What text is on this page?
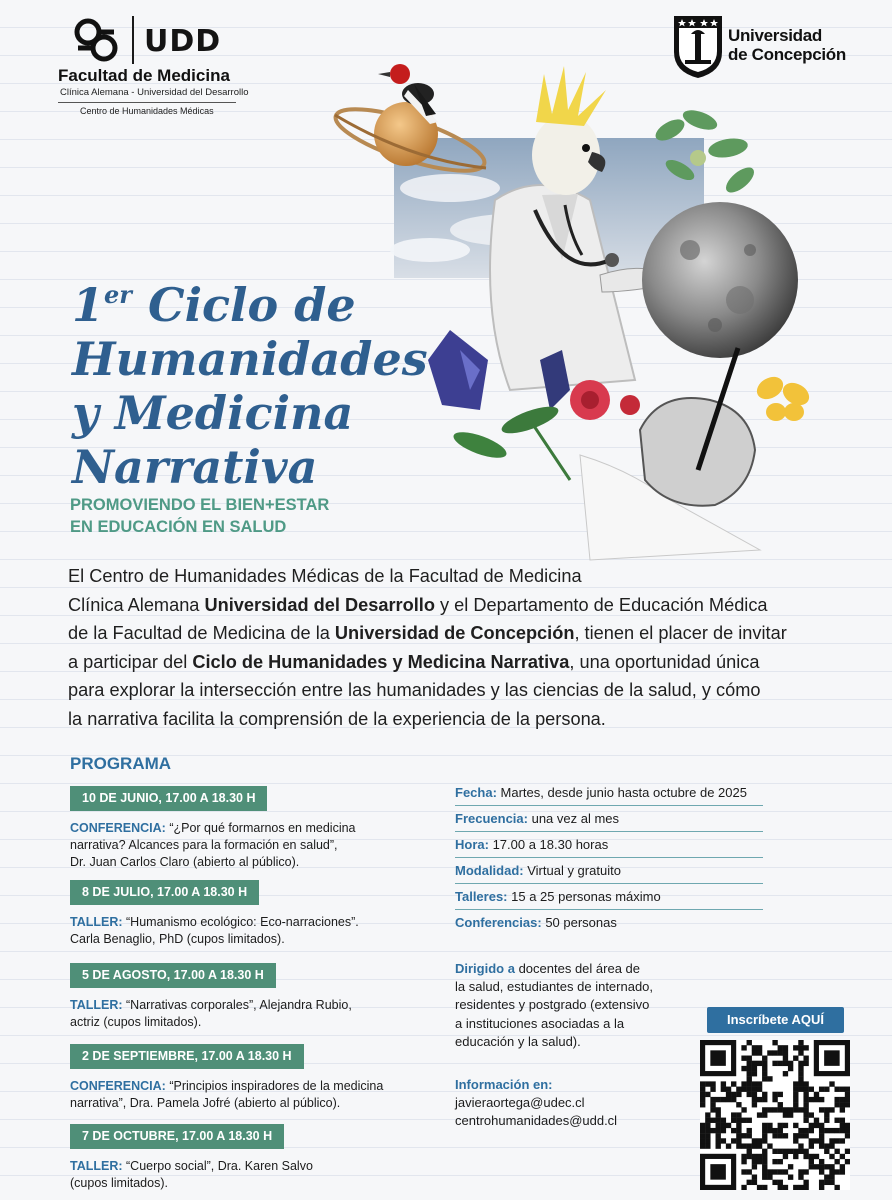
UDD
Facultad de Medicina
Clínica Alemana - Universidad del Desarrollo
Centro de Humanidades Médicas
Universidad
de Concepción
1er Ciclo de
Humanidades
y Medicina
Narrativa
PROMOVIENDO EL BIEN+ESTAR
EN EDUCACIÓN EN SALUD
El Centro de Humanidades Médicas de la Facultad de Medicina
Clínica Alemana Universidad del Desarrollo y el Departamento de Educación Médica
de la Facultad de Medicina de la Universidad de Concepción, tienen el placer de invitar
a participar del Ciclo de Humanidades y Medicina Narrativa, una oportunidad única
para explorar la intersección entre las humanidades y las ciencias de la salud, y cómo
la narrativa facilita la comprensión de la experiencia de la persona.
PROGRAMA
10 DE JUNIO, 17.00 A 18.30 H
CONFERENCIA: “¿Por qué formarnos en medicina
narrativa? Alcances para la formación en salud”,
Dr. Juan Carlos Claro (abierto al público).
8 DE JULIO, 17.00 A 18.30 H
TALLER: “Humanismo ecológico: Eco-narraciones”.
Carla Benaglio, PhD (cupos limitados).
5 DE AGOSTO, 17.00 A 18.30 H
TALLER: “Narrativas corporales”, Alejandra Rubio,
actriz (cupos limitados).
2 DE SEPTIEMBRE, 17.00 A 18.30 H
CONFERENCIA: “Principios inspiradores de la medicina
narrativa”, Dra. Pamela Jofré (abierto al público).
7 DE OCTUBRE, 17.00 A 18.30 H
TALLER: “Cuerpo social”, Dra. Karen Salvo
(cupos limitados).
Fecha: Martes, desde junio hasta octubre de 2025
Frecuencia: una vez al mes
Hora: 17.00 a 18.30 horas
Modalidad: Virtual y gratuito
Talleres: 15 a 25 personas máximo
Conferencias: 50 personas
Dirigido a docentes del área de
la salud, estudiantes de internado,
residentes y postgrado (extensivo
a instituciones asociadas a la
educación y la salud).
Información en:
javieraortega@udec.cl
centrohumanidades@udd.cl
Inscríbete AQUÍ
